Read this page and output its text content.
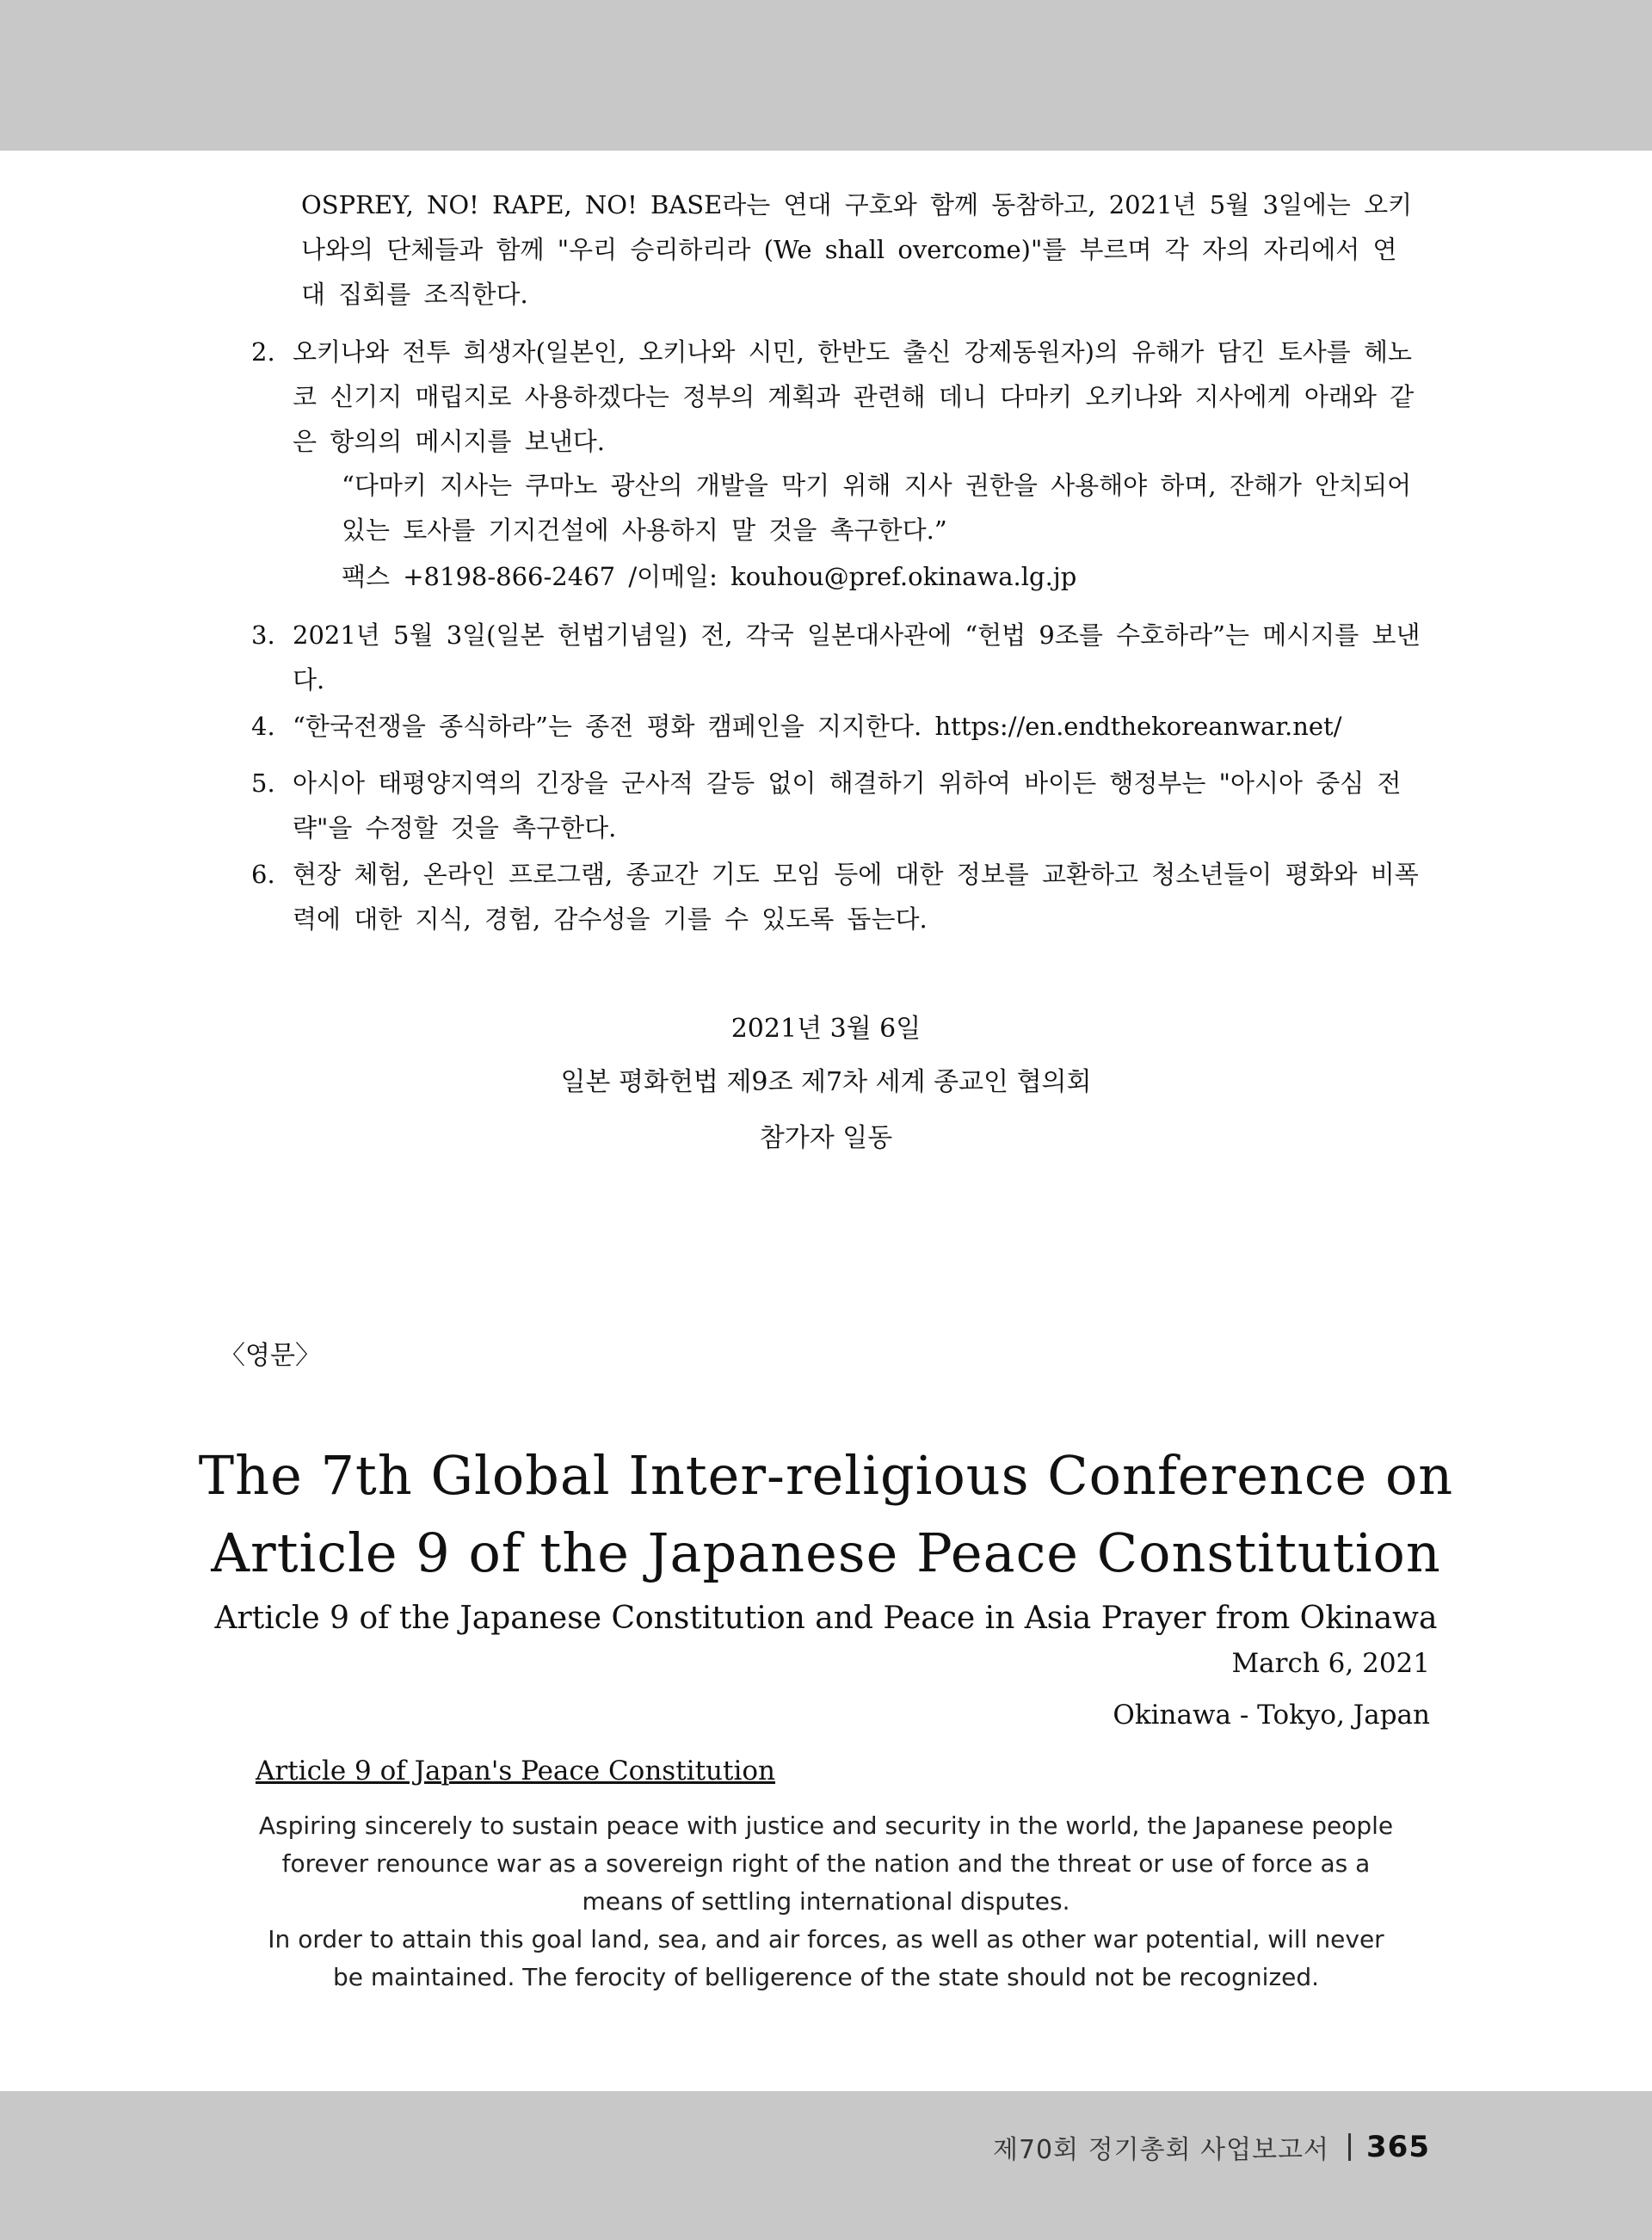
OSPREY, NO! RAPE, NO! BASE라는 연대 구호와 함께 동참하고, 2021년 5월 3일에는 오키나와의 단체들과 함께 "우리 승리하리라 (We shall overcome)"를 부르며 각 자의 자리에서 연대 집회를 조직한다.
2. 오키나와 전투 희생자(일본인, 오키나와 시민, 한반도 출신 강제동원자)의 유해가 담긴 토사를 헤노코 신기지 매립지로 사용하겠다는 정부의 계획과 관련해 데니 다마키 오키나와 지사에게 아래와 같은 항의의 메시지를 보낸다.
“다마키 지사는 쿠마노 광산의 개발을 막기 위해 지사 권한을 사용해야 하며, 잔해가 안치되어있는 토사를 기지건설에 사용하지 말 것을 촉구한다.”
팩스 +8198-866-2467 /이메일: kouhou@pref.okinawa.lg.jp
3. 2021년 5월 3일(일본 헌법기념일) 전, 각국 일본대사관에 “헌법 9조를 수호하라”는 메시지를 보낸다.
4. “한국전쟁을 종식하라”는 종전 평화 캠페인을 지지한다. https://en.endthekoreanwar.net/
5. 아시아 태평양지역의 긴장을 군사적 갈등 없이 해결하기 위하여 바이든 행정부는 "아시아 중심 전략"을 수정할 것을 촉구한다.
6. 현장 체험, 온라인 프로그램, 종교간 기도 모임 등에 대한 정보를 교환하고 청소년들이 평화와 비폭력에 대한 지식, 경험, 감수성을 기를 수 있도록 돕는다.
2021년 3월 6일
일본 평화헌법 제9조 제7차 세계 종교인 협의회
참가자 일동
〈영문〉
The 7th Global Inter-religious Conference on
Article 9 of the Japanese Peace Constitution
Article 9 of the Japanese Constitution and Peace in Asia Prayer from Okinawa
March 6, 2021
Okinawa - Tokyo, Japan
Article 9 of Japan's Peace Constitution
Aspiring sincerely to sustain peace with justice and security in the world, the Japanese people forever renounce war as a sovereign right of the nation and the threat or use of force as a means of settling international disputes.
In order to attain this goal land, sea, and air forces, as well as other war potential, will never be maintained. The ferocity of belligerence of the state should not be recognized.
제70회 정기총회 사업보고서 365
